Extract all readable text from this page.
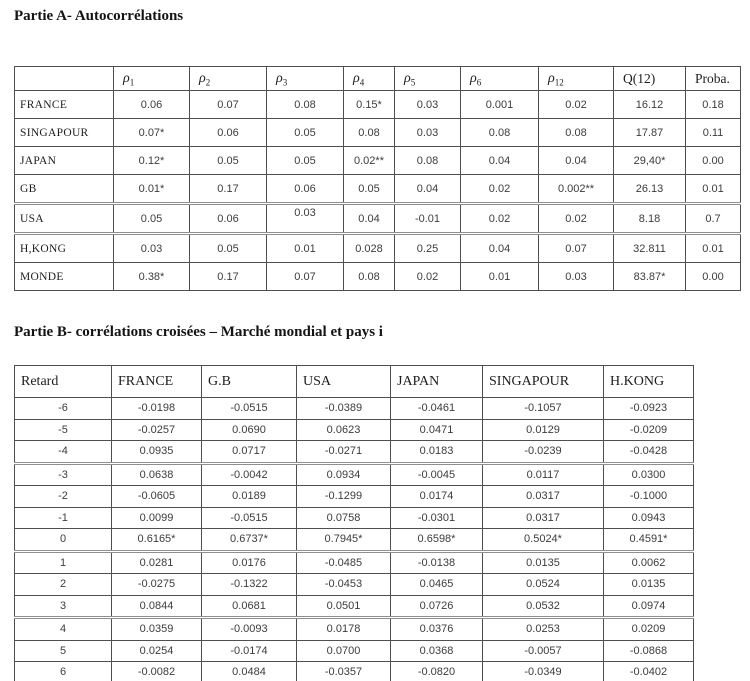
Partie A- Autocorrélations
	$\rho_1$	$\rho_2$	$\rho_3$	$\rho_4$	$\rho_5$	$\rho_6$	$\rho_{12}$	Q(12)	Proba.
FRANCE	0.06	0.07	0.08	0.15*	0.03	0.001	0.02	16.12	0.18
SINGAPOUR	0.07*	0.06	0.05	0.08	0.03	0.08	0.08	17.87	0.11
JAPAN	0.12*	0.05	0.05	0.02**	0.08	0.04	0.04	29,40*	0.00
GB	0.01*	0.17	0.06	0.05	0.04	0.02	0.002**	26.13	0.01
USA	0.05	0.06	0.03	0.04	-0.01	0.02	0.02	8.18	0.7
H,KONG	0.03	0.05	0.01	0.028	0.25	0.04	0.07	32.811	0.01
MONDE	0.38*	0.17	0.07	0.08	0.02	0.01	0.03	83.87*	0.00
Partie B- corrélations croisées – Marché mondial et pays i
Retard	FRANCE	G.B	USA	JAPAN	SINGAPOUR	H.KONG
-6	-0.0198	-0.0515	-0.0389	-0.0461	-0.1057	-0.0923
-5	-0.0257	0.0690	0.0623	0.0471	0.0129	-0.0209
-4	0.0935	0.0717	-0.0271	0.0183	-0.0239	-0.0428
-3	0.0638	-0.0042	0.0934	-0.0045	0.0117	0.0300
-2	-0.0605	0.0189	-0.1299	0.0174	0.0317	-0.1000
-1	0.0099	-0.0515	0.0758	-0.0301	0.0317	0.0943
0	0.6165*	0.6737*	0.7945*	0.6598*	0.5024*	0.4591*
1	0.0281	0.0176	-0.0485	-0.0138	0.0135	0.0062
2	-0.0275	-0.1322	-0.0453	0.0465	0.0524	0.0135
3	0.0844	0.0681	0.0501	0.0726	0.0532	0.0974
4	0.0359	-0.0093	0.0178	0.0376	0.0253	0.0209
5	0.0254	-0.0174	0.0700	0.0368	-0.0057	-0.0868
6	-0.0082	0.0484	-0.0357	-0.0820	-0.0349	-0.0402
